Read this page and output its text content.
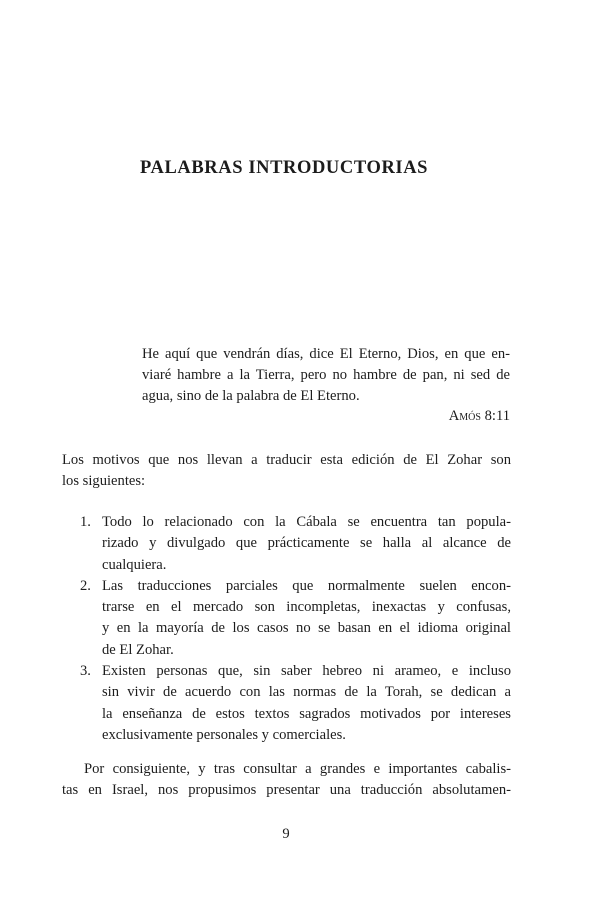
PALABRAS INTRODUCTORIAS
He aquí que vendrán días, dice El Eterno, Dios, en que en-
viaré hambre a la Tierra, pero no hambre de pan, ni sed de
agua, sino de la palabra de El Eterno.

Amós 8:11

Los motivos que nos llevan a traducir esta edición de El Zohar son
los siguientes:

1. Todo lo relacionado con la Cábala se encuentra tan popula-
rizado y divulgado que prácticamente se halla al alcance de
cualquiera.
2. Las traducciones parciales que normalmente suelen encon-
trarse en el mercado son incompletas, inexactas y confusas,
y en la mayoría de los casos no se basan en el idioma original
de El Zohar.
3. Existen personas que, sin saber hebreo ni arameo, e incluso
sin vivir de acuerdo con las normas de la Torah, se dedican a
la enseñanza de estos textos sagrados motivados por intereses
exclusivamente personales y comerciales.

Por consiguiente, y tras consultar a grandes e importantes cabalis-
tas en Israel, nos propusimos presentar una traducción absolutamen-

9
